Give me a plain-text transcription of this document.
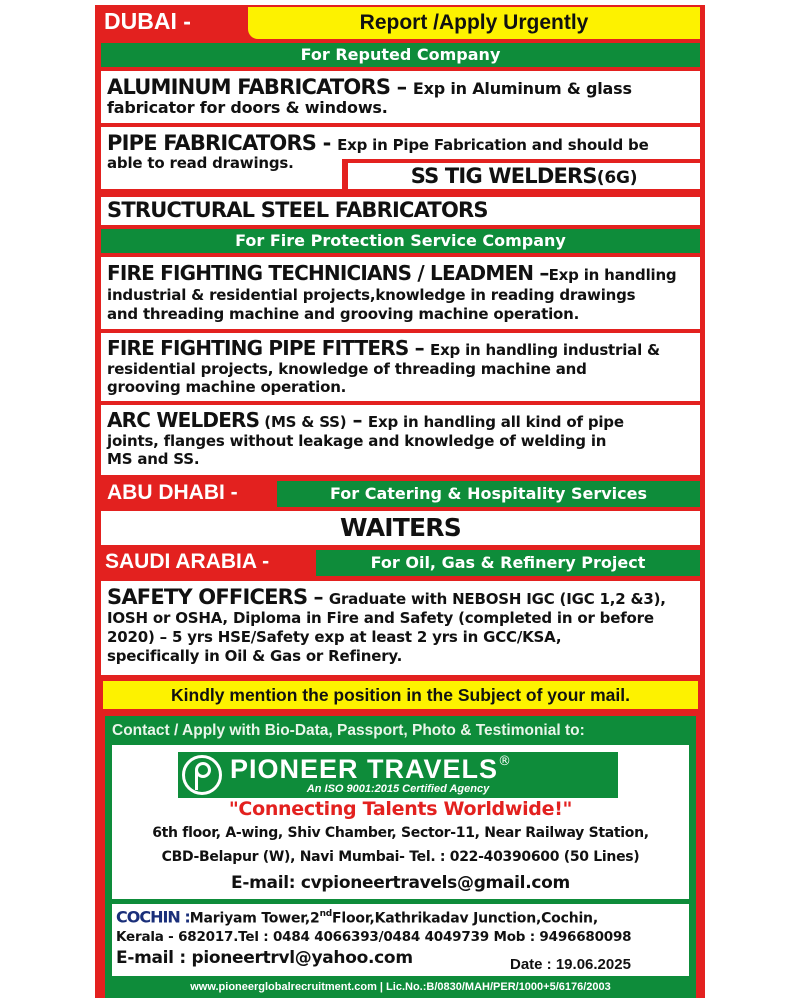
DUBAI -	Report /Apply Urgently
For Reputed Company
ALUMINUM FABRICATORS – Exp in Aluminum & glass
fabricator for doors & windows.
PIPE FABRICATORS - Exp in Pipe Fabrication and should be
able to read drawings.
SS TIG WELDERS(6G)
STRUCTURAL STEEL FABRICATORS
For Fire Protection Service Company
FIRE FIGHTING TECHNICIANS / LEADMEN –Exp in handling
industrial & residential projects,knowledge in reading drawings
and threading machine and grooving machine operation.
FIRE FIGHTING PIPE FITTERS – Exp in handling industrial &
residential projects, knowledge of threading machine and
grooving machine operation.
ARC WELDERS (MS & SS) – Exp in handling all kind of pipe
joints, flanges without leakage and knowledge of welding in
MS and SS.
ABU DHABI -	For Catering & Hospitality Services
WAITERS
SAUDI ARABIA -	For Oil, Gas & Refinery Project
SAFETY OFFICERS – Graduate with NEBOSH IGC (IGC 1,2 &3),
IOSH or OSHA, Diploma in Fire and Safety (completed in or before
2020) – 5 yrs HSE/Safety exp at least 2 yrs in GCC/KSA,
specifically in Oil & Gas or Refinery.
Kindly mention the position in the Subject of your mail.
Contact / Apply with Bio-Data, Passport, Photo & Testimonial to:
PIONEER TRAVELS®
An ISO 9001:2015 Certified Agency
"Connecting Talents Worldwide!"
6th floor, A-wing, Shiv Chamber, Sector-11, Near Railway Station,
CBD-Belapur (W), Navi Mumbai- Tel. : 022-40390600 (50 Lines)
E-mail: cvpioneertravels@gmail.com
COCHIN :Mariyam Tower,2ndFloor,Kathrikadav Junction,Cochin,
Kerala - 682017.Tel : 0484 4066393/0484 4049739 Mob : 9496680098
E-mail : pioneertrvl@yahoo.com	Date : 19.06.2025
www.pioneerglobalrecruitment.com | Lic.No.:B/0830/MAH/PER/1000+5/6176/2003
